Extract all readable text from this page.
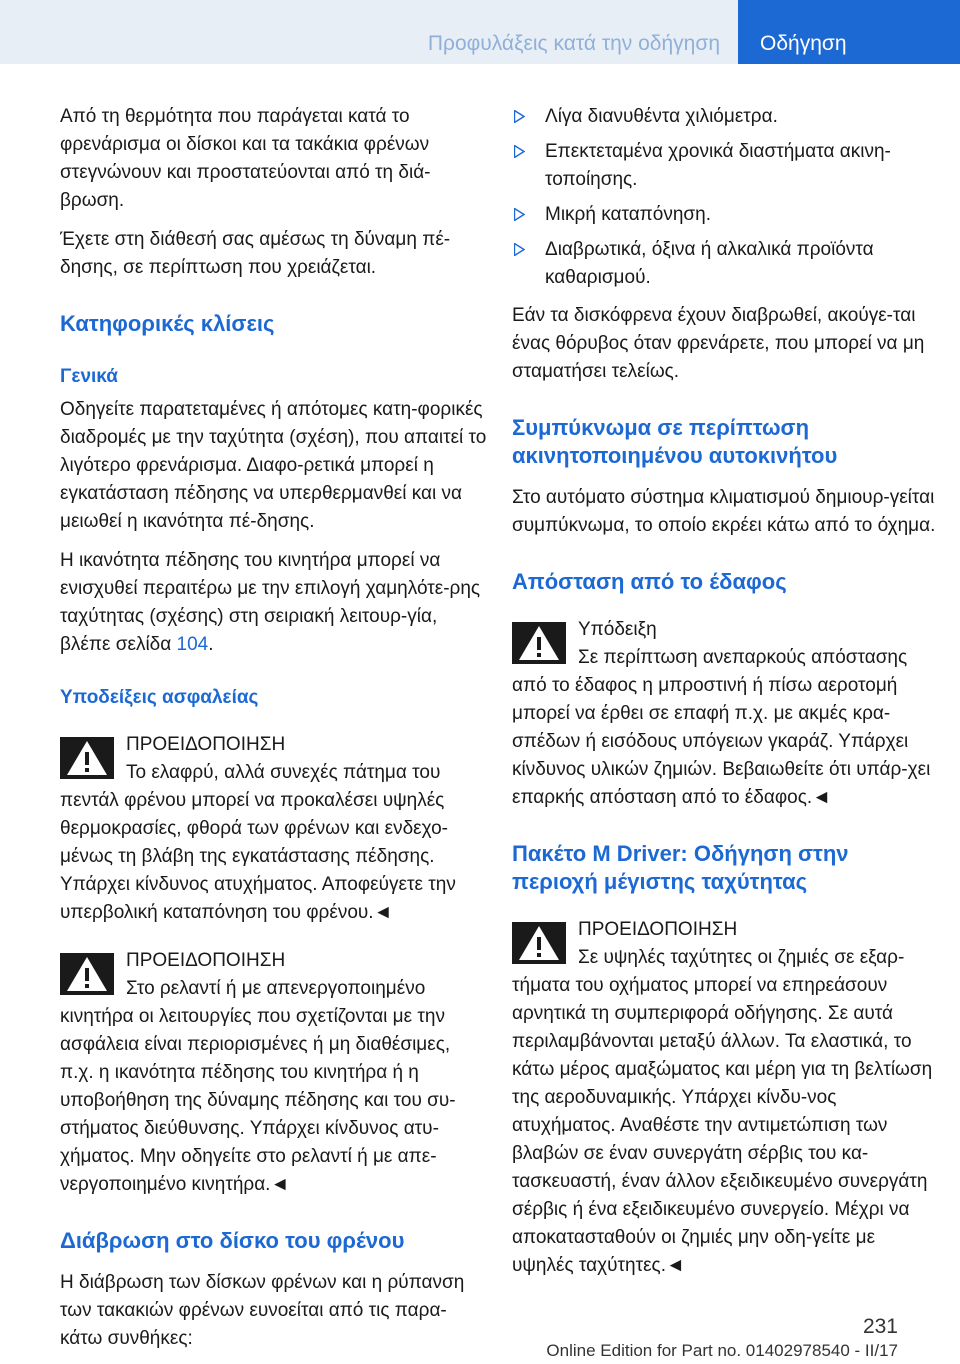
Προφυλάξεις κατά την οδήγηση Οδήγηση

Από τη θερμότητα που παράγεται κατά το φρενάρισμα οι δίσκοι και τα τακάκια φρένων στεγνώνουν και προστατεύονται από τη διά-βρωση.

Έχετε στη διάθεσή σας αμέσως τη δύναμη πέ-δησης, σε περίπτωση που χρειάζεται.

Κατηφορικές κλίσεις
Γενικά

Οδηγείτε παρατεταμένες ή απότομες κατη-φορικές διαδρομές με την ταχύτητα (σχέση), που απαιτεί το λιγότερο φρενάρισμα. Διαφο-ρετικά μπορεί η εγκατάσταση πέδησης να υπερθερμανθεί και να μειωθεί η ικανότητα πέ-δησης.

Η ικανότητα πέδησης του κινητήρα μπορεί να ενισχυθεί περαιτέρω με την επιλογή χαμηλότε-ρης ταχύτητας (σχέσης) στη σειριακή λειτουρ-γία, βλέπε σελίδα 104.

Υποδείξεις ασφαλείας

ΠΡΟΕΙΔΟΠΟΙΗΣΗ

Το ελαφρύ, αλλά συνεχές πάτημα του πεντάλ φρένου μπορεί να προκαλέσει υψηλές θερμοκρασίες, φθορά των φρένων και ενδεχο-μένως τη βλάβη της εγκατάστασης πέδησης. Υπάρχει κίνδυνος ατυχήματος. Αποφεύγετε την υπερβολική καταπόνηση του φρένου.◄

ΠΡΟΕΙΔΟΠΟΙΗΣΗ

Στο ρελαντί ή με απενεργοποιημένο κινητήρα οι λειτουργίες που σχετίζονται με την ασφάλεια είναι περιορισμένες ή μη διαθέσιμες, π.χ. η ικανότητα πέδησης του κινητήρα ή η υποβοήθηση της δύναμης πέδησης και του συ-στήματος διεύθυνσης. Υπάρχει κίνδυνος ατυ-χήματος. Μην οδηγείτε στο ρελαντί ή με απε-νεργοποιημένο κινητήρα.◄

Διάβρωση στο δίσκο του φρένου

Η διάβρωση των δίσκων φρένων και η ρύπανση των τακακιών φρένων ευνοείται από τις παρα-κάτω συνθήκες:

Λίγα διανυθέντα χιλιόμετρα.
Επεκτεταμένα χρονικά διαστήματα ακινη-τοποίησης.
Μικρή καταπόνηση.
Διαβρωτικά, όξινα ή αλκαλικά προϊόντα καθαρισμού.

Εάν τα δισκόφρενα έχουν διαβρωθεί, ακούγε-ται ένας θόρυβος όταν φρενάρετε, που μπορεί να μη σταματήσει τελείως.

Συμπύκνωμα σε περίπτωση ακινητοποιημένου αυτοκινήτου

Στο αυτόματο σύστημα κλιματισμού δημιουρ-γείται συμπύκνωμα, το οποίο εκρέει κάτω από το όχημα.

Απόσταση από το έδαφος

Υπόδειξη

Σε περίπτωση ανεπαρκούς απόστασης από το έδαφος η μπροστινή ή πίσω αεροτομή μπορεί να έρθει σε επαφή π.χ. με ακμές κρα-σπέδων ή εισόδους υπόγειων γκαράζ. Υπάρχει κίνδυνος υλικών ζημιών. Βεβαιωθείτε ότι υπάρ-χει επαρκής απόσταση από το έδαφος.◄

Πακέτο M Driver: Οδήγηση στην περιοχή μέγιστης ταχύτητας

ΠΡΟΕΙΔΟΠΟΙΗΣΗ

Σε υψηλές ταχύτητες οι ζημιές σε εξαρ-τήματα του οχήματος μπορεί να επηρεάσουν αρνητικά τη συμπεριφορά οδήγησης. Σε αυτά περιλαμβάνονται μεταξύ άλλων. Τα ελαστικά, το κάτω μέρος αμαξώματος και μέρη για τη βελτίωση της αεροδυναμικής. Υπάρχει κίνδυ-νος ατυχήματος. Αναθέστε την αντιμετώπιση των βλαβών σε έναν συνεργάτη σέρβις του κα-τασκευαστή, έναν άλλον εξειδικευμένο συνεργάτη σέρβις ή ένα εξειδικευμένο συνεργείο. Μέχρι να αποκατασταθούν οι ζημιές μην οδη-γείτε με υψηλές ταχύτητες.◄

231
Online Edition for Part no. 01402978540 - II/17
